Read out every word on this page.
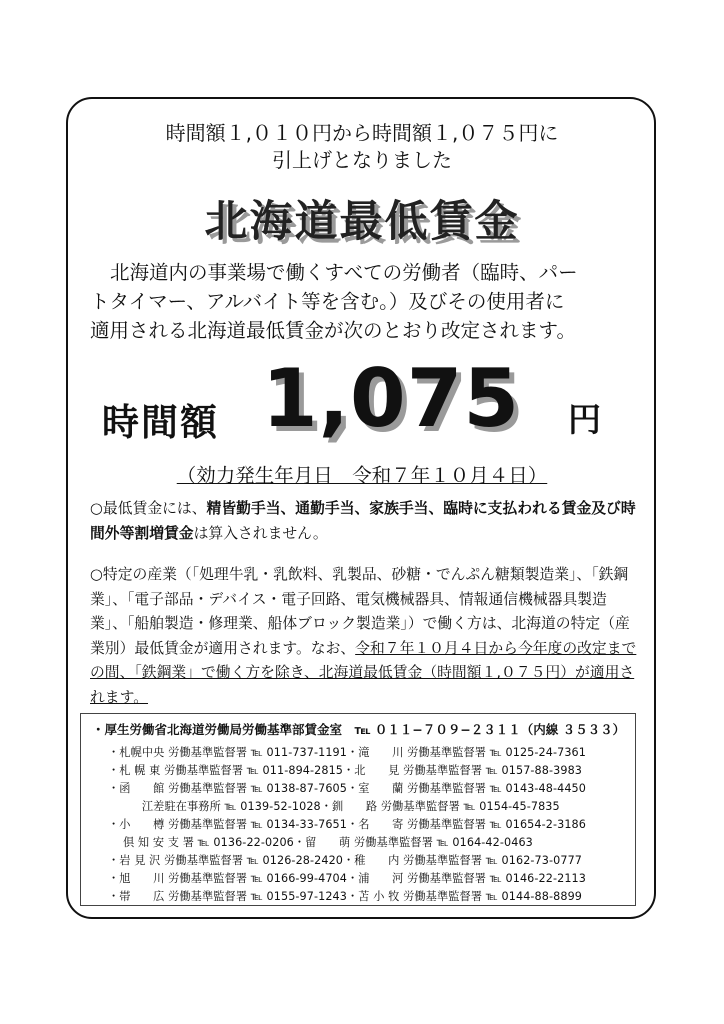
時間額１,０１０円から時間額１,０７５円に
引上げとなりました
北海道最低賃金
北海道内の事業場で働くすべての労働者（臨時、パー
トタイマー、アルバイト等を含む。）及びその使用者に
適用される北海道最低賃金が次のとおり改定されます。
時間額 1,075 円
（効力発生年月日　令和７年１０月４日）
○最低賃金には、精皆勤手当、通勤手当、家族手当、臨時に支払われる賃金及び時間外等割増賃金は算入されません。
○特定の産業（「処理牛乳・乳飲料、乳製品、砂糖・でんぷん糖類製造業」、「鉄鋼業」、「電子部品・デバイス・電子回路、電気機械器具、情報通信機械器具製造業」、「船舶製造・修理業、船体ブロック製造業」）で働く方は、北海道の特定（産業別）最低賃金が適用されます。なお、令和７年１０月４日から今年度の改定までの間、「鉄鋼業」で働く方を除き、北海道最低賃金（時間額１,０７５円）が適用されます。
・厚生労働省北海道労働局労働基準部賃金室　℡ ０１１−７０９−２３１１（内線 ３５３３）
・札幌中央 労働基準監督署 ℡ 011-737-1191・滝　　川 労働基準監督署 ℡ 0125-24-7361
・札 幌 東 労働基準監督署 ℡ 011-894-2815・北　　見 労働基準監督署 ℡ 0157-88-3983
・函　　館 労働基準監督署 ℡ 0138-87-7605・室　　蘭 労働基準監督署 ℡ 0143-48-4450
　　　江差駐在事務所 ℡ 0139-52-1028・釧　　路 労働基準監督署 ℡ 0154-45-7835
・小　　樽 労働基準監督署 ℡ 0134-33-7651・名　　寄 労働基準監督署 ℡ 01654-2-3186
　 倶 知 安 支 署 ℡ 0136-22-0206・留　　萌 労働基準監督署 ℡ 0164-42-0463
・岩 見 沢 労働基準監督署 ℡ 0126-28-2420・稚　　内 労働基準監督署 ℡ 0162-73-0777
・旭　　川 労働基準監督署 ℡ 0166-99-4704・浦　　河 労働基準監督署 ℡ 0146-22-2113
・帯　　広 労働基準監督署 ℡ 0155-97-1243・苫 小 牧 労働基準監督署 ℡ 0144-88-8899
